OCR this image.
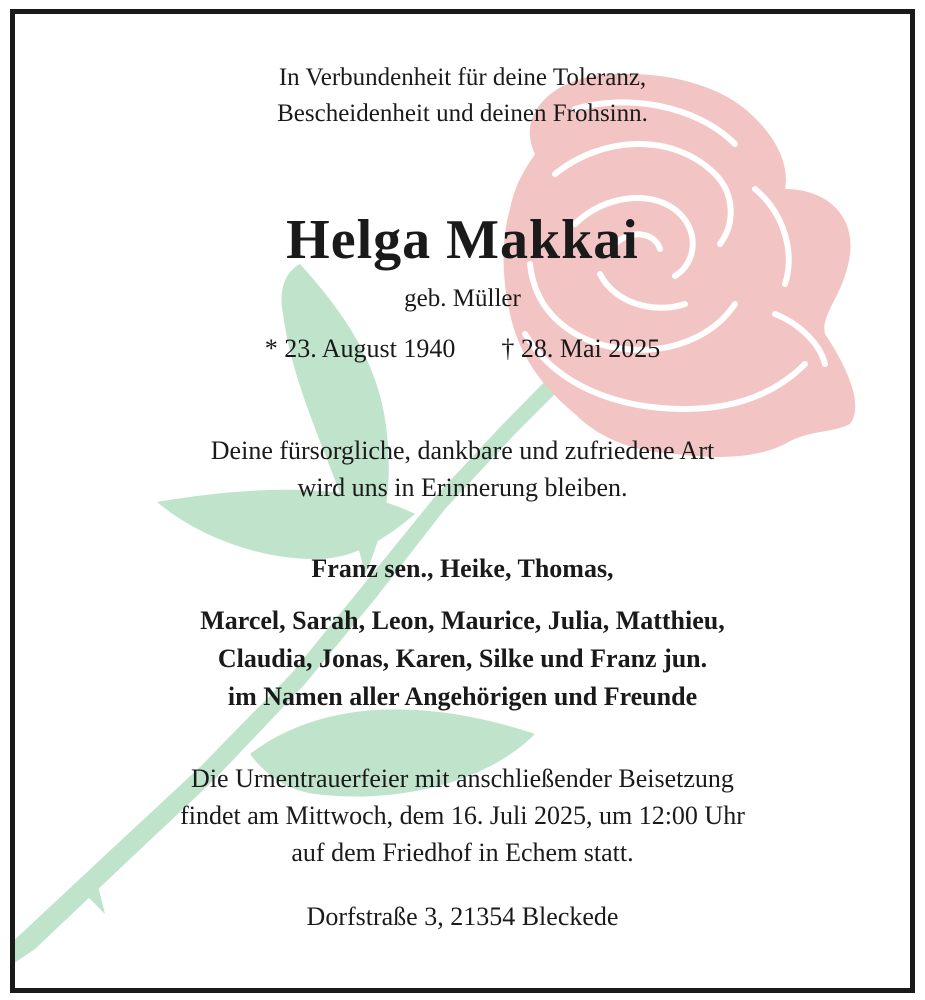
In Verbundenheit für deine Toleranz,
Bescheidenheit und deinen Frohsinn.
Helga Makkai
geb. Müller
* 23. August 1940 † 28. Mai 2025
Deine fürsorgliche, dankbare und zufriedene Art
wird uns in Erinnerung bleiben.
Franz sen., Heike, Thomas,
Marcel, Sarah, Leon, Maurice, Julia, Matthieu,
Claudia, Jonas, Karen, Silke und Franz jun.
im Namen aller Angehörigen und Freunde
Die Urnentrauerfeier mit anschließender Beisetzung
findet am Mittwoch, dem 16. Juli 2025, um 12:00 Uhr
auf dem Friedhof in Echem statt.
Dorfstraße 3, 21354 Bleckede
